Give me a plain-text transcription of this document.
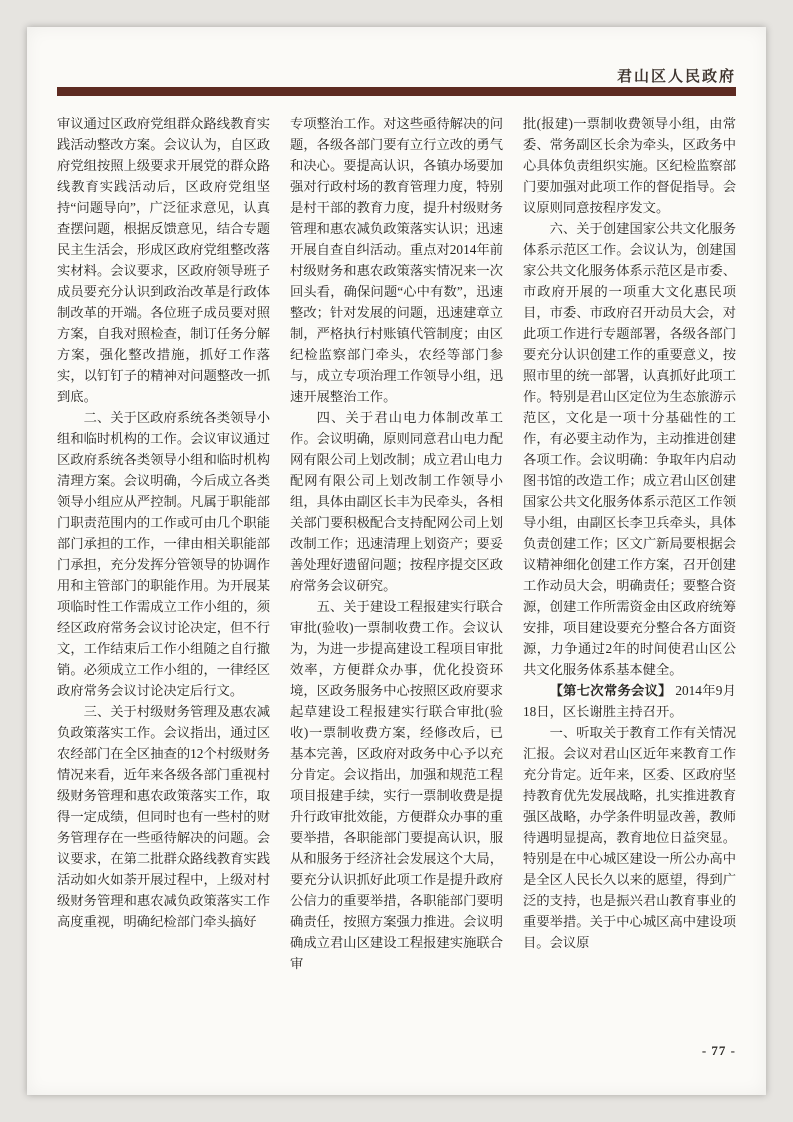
君山区人民政府

审议通过区政府党组群众路线教育实践活动整改方案。会议认为，自区政府党组按照上级要求开展党的群众路线教育实践活动后，区政府党组坚持“问题导向”，广泛征求意见，认真查摆问题，根据反馈意见，结合专题民主生活会，形成区政府党组整改落实材料。会议要求，区政府领导班子成员要充分认识到政治改革是行政体制改革的开端。各位班子成员要对照方案，自我对照检查，制订任务分解方案，强化整改措施，抓好工作落实，以钉钉子的精神对问题整改一抓到底。

二、关于区政府系统各类领导小组和临时机构的工作。会议审议通过区政府系统各类领导小组和临时机构清理方案。会议明确，今后成立各类领导小组应从严控制。凡属于职能部门职责范围内的工作或可由几个职能部门承担的工作，一律由相关职能部门承担，充分发挥分管领导的协调作用和主管部门的职能作用。为开展某项临时性工作需成立工作小组的，须经区政府常务会议讨论决定，但不行文，工作结束后工作小组随之自行撤销。必须成立工作小组的，一律经区政府常务会议讨论决定后行文。

三、关于村级财务管理及惠农减负政策落实工作。会议指出，通过区农经部门在全区抽查的12个村级财务情况来看，近年来各级各部门重视村级财务管理和惠农政策落实工作，取得一定成绩，但同时也有一些村的财务管理存在一些亟待解决的问题。会议要求，在第二批群众路线教育实践活动如火如荼开展过程中，上级对村级财务管理和惠农减负政策落实工作高度重视，明确纪检部门牵头搞好

专项整治工作。对这些亟待解决的问题，各级各部门要有立行立改的勇气和决心。要提高认识，各镇办场要加强对行政村场的教育管理力度，特别是村干部的教育力度，提升村级财务管理和惠农减负政策落实认识；迅速开展自查自纠活动。重点对2014年前村级财务和惠农政策落实情况来一次回头看，确保问题“心中有数”，迅速整改；针对发展的问题，迅速建章立制，严格执行村账镇代管制度；由区纪检监察部门牵头，农经等部门参与，成立专项治理工作领导小组，迅速开展整治工作。

四、关于君山电力体制改革工作。会议明确，原则同意君山电力配网有限公司上划改制；成立君山电力配网有限公司上划改制工作领导小组，具体由副区长丰为民牵头，各相关部门要积极配合支持配网公司上划改制工作；迅速清理上划资产；要妥善处理好遗留问题；按程序提交区政府常务会议研究。

五、关于建设工程报建实行联合审批(验收)一票制收费工作。会议认为，为进一步提高建设工程项目审批效率，方便群众办事，优化投资环境，区政务服务中心按照区政府要求起草建设工程报建实行联合审批(验收)一票制收费方案，经修改后，已基本完善，区政府对政务中心予以充分肯定。会议指出，加强和规范工程项目报建手续，实行一票制收费是提升行政审批效能，方便群众办事的重要举措，各职能部门要提高认识，服从和服务于经济社会发展这个大局，要充分认识抓好此项工作是提升政府公信力的重要举措，各职能部门要明确责任，按照方案强力推进。会议明确成立君山区建设工程报建实施联合审

批(报建)一票制收费领导小组，由常委、常务副区长余为牵头，区政务中心具体负责组织实施。区纪检监察部门要加强对此项工作的督促指导。会议原则同意按程序发文。

六、关于创建国家公共文化服务体系示范区工作。会议认为，创建国家公共文化服务体系示范区是市委、市政府开展的一项重大文化惠民项目，市委、市政府召开动员大会，对此项工作进行专题部署，各级各部门要充分认识创建工作的重要意义，按照市里的统一部署，认真抓好此项工作。特别是君山区定位为生态旅游示范区，文化是一项十分基础性的工作，有必要主动作为，主动推进创建各项工作。会议明确：争取年内启动图书馆的改造工作；成立君山区创建国家公共文化服务体系示范区工作领导小组，由副区长李卫兵牵头，具体负责创建工作；区文广新局要根据会议精神细化创建工作方案，召开创建工作动员大会，明确责任；要整合资源，创建工作所需资金由区政府统筹安排，项目建设要充分整合各方面资源，力争通过2年的时间使君山区公共文化服务体系基本健全。

【第七次常务会议】 2014年9月18日，区长谢胜主持召开。

一、听取关于教育工作有关情况汇报。会议对君山区近年来教育工作充分肯定。近年来，区委、区政府坚持教育优先发展战略，扎实推进教育强区战略，办学条件明显改善，教师待遇明显提高，教育地位日益突显。特别是在中心城区建设一所公办高中是全区人民长久以来的愿望，得到广泛的支持，也是振兴君山教育事业的重要举措。关于中心城区高中建设项目。会议原

- 77 -
